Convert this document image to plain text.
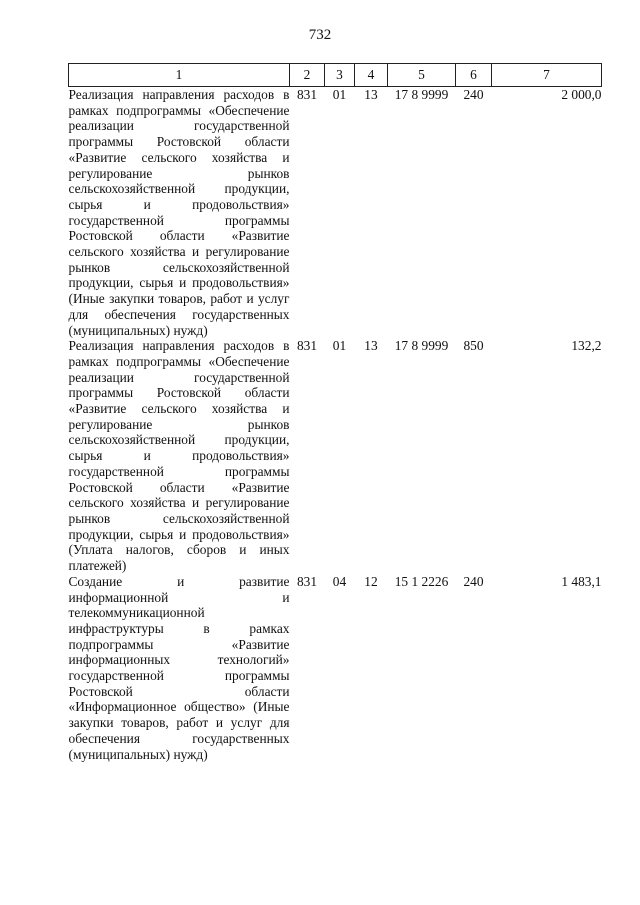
732
1	2	3	4	5	6	7
Реализация направления расходов в рамках подпрограммы «Обеспечение реализации государственной программы Ростовской области «Развитие сельского хозяйства и регулирование рынков сельскохозяйственной продукции, сырья и продовольствия» государственной программы Ростовской области «Развитие сельского хозяйства и регулирование рынков сельскохозяйственной продукции, сырья и продовольствия» (Иные закупки товаров, работ и услуг для обеспечения государственных (муниципальных) нужд)	831	01	13	17 8 9999	240	2 000,0
Реализация направления расходов в рамках подпрограммы «Обеспечение реализации государственной программы Ростовской области «Развитие сельского хозяйства и регулирование рынков сельскохозяйственной продукции, сырья и продовольствия» государственной программы Ростовской области «Развитие сельского хозяйства и регулирование рынков сельскохозяйственной продукции, сырья и продовольствия» (Уплата налогов, сборов и иных платежей)	831	01	13	17 8 9999	850	132,2
Создание и развитие информационной и телекоммуникационной инфраструктуры в рамках подпрограммы «Развитие информационных технологий» государственной программы Ростовской области «Информационное общество» (Иные закупки товаров, работ и услуг для обеспечения государственных (муниципальных) нужд)	831	04	12	15 1 2226	240	1 483,1
